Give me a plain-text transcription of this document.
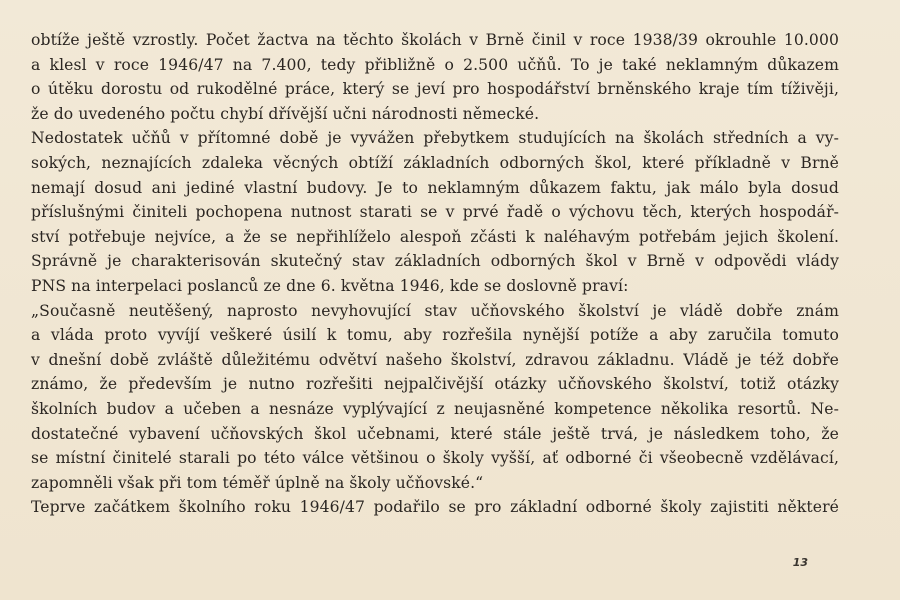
obtíže ještě vzrostly. Počet žactva na těchto školách v Brně činil v roce 1938/39 okrouhle 10.000
a klesl v roce 1946/47 na 7.400, tedy přibližně o 2.500 učňů. To je také neklamným důkazem
o útěku dorostu od rukodělné práce, který se jeví pro hospodářství brněnského kraje tím tíživěji,
že do uvedeného počtu chybí dřívější učni národnosti německé.
Nedostatek učňů v přítomné době je vyvážen přebytkem studujících na školách středních a vy-
sokých, neznajících zdaleka věcných obtíží základních odborných škol, které příkladně v Brně
nemají dosud ani jediné vlastní budovy. Je to neklamným důkazem faktu, jak málo byla dosud
příslušnými činiteli pochopena nutnost starati se v prvé řadě o výchovu těch, kterých hospodář-
ství potřebuje nejvíce, a že se nepřihlíželo alespoň zčásti k naléhavým potřebám jejich školení.
Správně je charakterisován skutečný stav základních odborných škol v Brně v odpovědi vlády
PNS na interpelaci poslanců ze dne 6. května 1946, kde se doslovně praví:
„Současně neutěšený, naprosto nevyhovující stav učňovského školství je vládě dobře znám
a vláda proto vyvíjí veškeré úsilí k tomu, aby rozřešila nynější potíže a aby zaručila tomuto
v dnešní době zvláště důležitému odvětví našeho školství, zdravou základnu. Vládě je též dobře
známo, že především je nutno rozřešiti nejpalčivější otázky učňovského školství, totiž otázky
školních budov a učeben a nesnáze vyplývající z neujasněné kompetence několika resortů. Ne-
dostatečné vybavení učňovských škol učebnami, které stále ještě trvá, je následkem toho, že
se místní činitelé starali po této válce většinou o školy vyšší, ať odborné či všeobecně vzdělávací,
zapomněli však při tom téměř úplně na školy učňovské.“
Teprve začátkem školního roku 1946/47 podařilo se pro základní odborné školy zajistiti některé
13
